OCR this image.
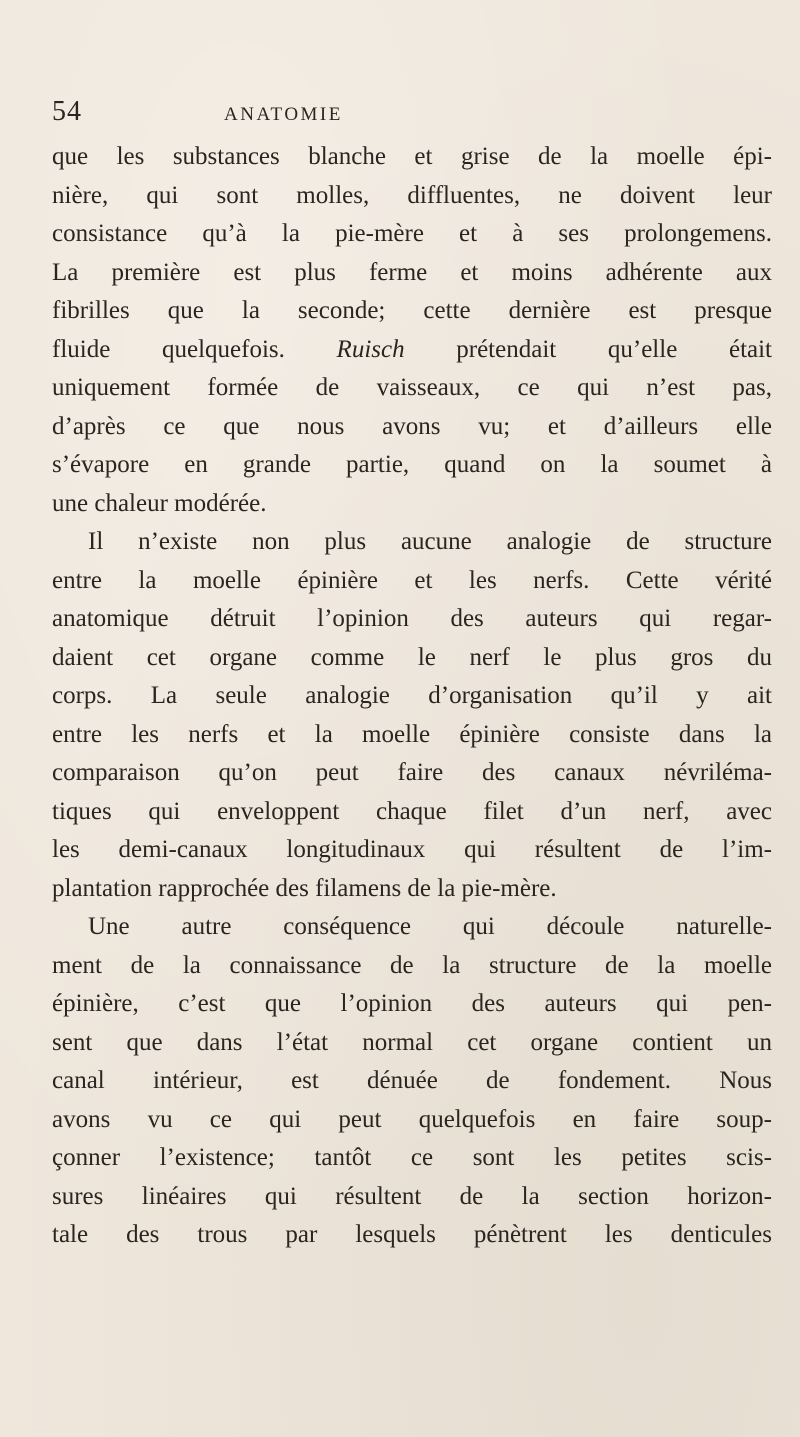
54	ANATOMIE
que les substances blanche et grise de la moelle épi-
nière, qui sont molles, diffluentes, ne doivent leur
consistance qu’à la pie-mère et à ses prolongemens.
La première est plus ferme et moins adhérente aux
fibrilles que la seconde; cette dernière est presque
fluide quelquefois. Ruisch prétendait qu’elle était
uniquement formée de vaisseaux, ce qui n’est pas,
d’après ce que nous avons vu; et d’ailleurs elle
s’évapore en grande partie, quand on la soumet à
une chaleur modérée.
Il n’existe non plus aucune analogie de structure
entre la moelle épinière et les nerfs. Cette vérité
anatomique détruit l’opinion des auteurs qui regar-
daient cet organe comme le nerf le plus gros du
corps. La seule analogie d’organisation qu’il y ait
entre les nerfs et la moelle épinière consiste dans la
comparaison qu’on peut faire des canaux névriléma-
tiques qui enveloppent chaque filet d’un nerf, avec
les demi-canaux longitudinaux qui résultent de l’im-
plantation rapprochée des filamens de la pie-mère.
Une autre conséquence qui découle naturelle-
ment de la connaissance de la structure de la moelle
épinière, c’est que l’opinion des auteurs qui pen-
sent que dans l’état normal cet organe contient un
canal intérieur, est dénuée de fondement. Nous
avons vu ce qui peut quelquefois en faire soup-
çonner l’existence; tantôt ce sont les petites scis-
sures linéaires qui résultent de la section horizon-
tale des trous par lesquels pénètrent les denticules
